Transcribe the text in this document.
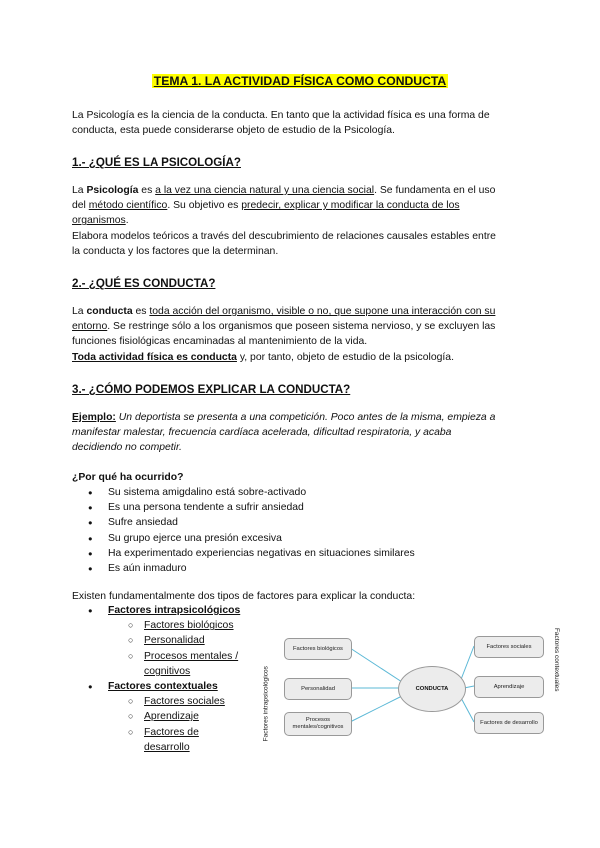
TEMA 1. LA ACTIVIDAD FÍSICA COMO CONDUCTA

La Psicología es la ciencia de la conducta. En tanto que la actividad física es una forma de

conducta, esta puede considerarse objeto de estudio de la Psicología.

1.- ¿QUÉ ES LA PSICOLOGÍA?

La Psicología es a la vez una ciencia natural y una ciencia social. Se fundamenta en el uso

del método científico. Su objetivo es predecir, explicar y modificar la conducta de los

organismos.

Elabora modelos teóricos a través del descubrimiento de relaciones causales estables entre

la conducta y los factores que la determinan.

2.- ¿QUÉ ES CONDUCTA?

La conducta es toda acción del organismo, visible o no, que supone una interacción con su

entorno. Se restringe sólo a los organismos que poseen sistema nervioso, y se excluyen las

funciones fisiológicas encaminadas al mantenimiento de la vida.

Toda actividad física es conducta y, por tanto, objeto de estudio de la psicología.

3.- ¿CÓMO PODEMOS EXPLICAR LA CONDUCTA?

Ejemplo: Un deportista se presenta a una competición. Poco antes de la misma, empieza a

manifestar malestar, frecuencia cardíaca acelerada, dificultad respiratoria, y acaba

decidiendo no competir.

¿Por qué ha ocurrido?
● Su sistema amigdalino está sobre-activado
● Es una persona tendente a sufrir ansiedad
● Sufre ansiedad
● Su grupo ejerce una presión excesiva
● Ha experimentado experiencias negativas en situaciones similares
● Es aún inmaduro
Existen fundamentalmente dos tipos de factores para explicar la conducta:
● Factores intrapsicológicos
○ Factores biológicos
○ Personalidad
○ Procesos mentales /
cognitivos
● Factores contextuales
○ Factores sociales
○ Aprendizaje
○ Factores de
desarrollo
Factores biológicos
Personalidad
Procesos mentales/cognitivos
CONDUCTA
Factores sociales
Aprendizaje
Factores de desarrollo
Factores intrapsicológicos
Factores contextuales
